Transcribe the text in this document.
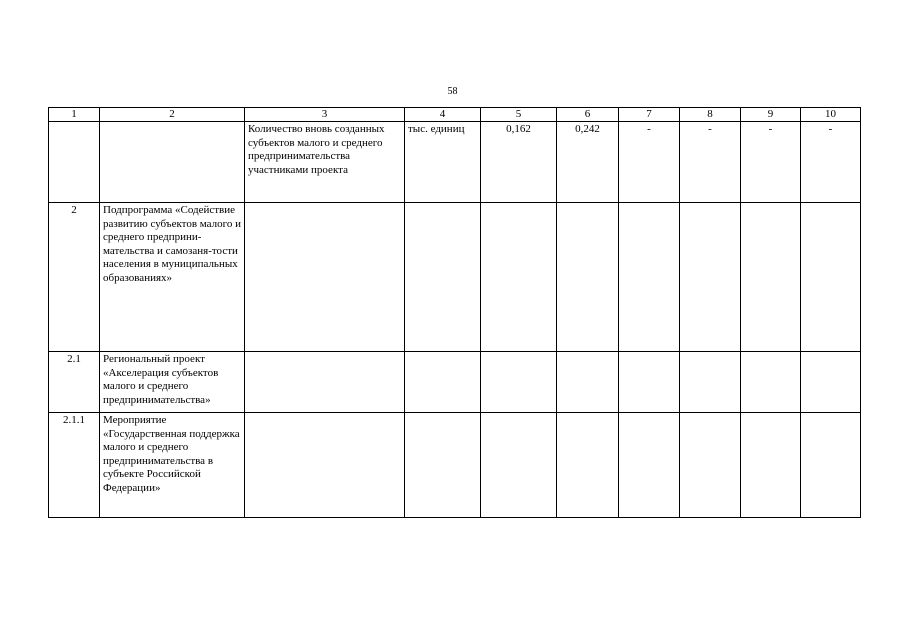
58
1	2	3	4	5	6	7	8	9	10
		Количество вновь созданных субъектов малого и среднего предпринимательства участниками проекта	тыс. единиц	0,162	0,242	-	-	-	-
2	Подпрограмма «Содействие развитию субъектов малого и среднего предприни-мательства и самозаня-тости населения в муниципальных образованиях»								
2.1	Региональный проект «Акселерация субъектов малого и среднего предпринимательства»								
2.1.1	Мероприятие «Государственная поддержка малого и среднего предпринимательства в субъекте Российской Федерации»								
